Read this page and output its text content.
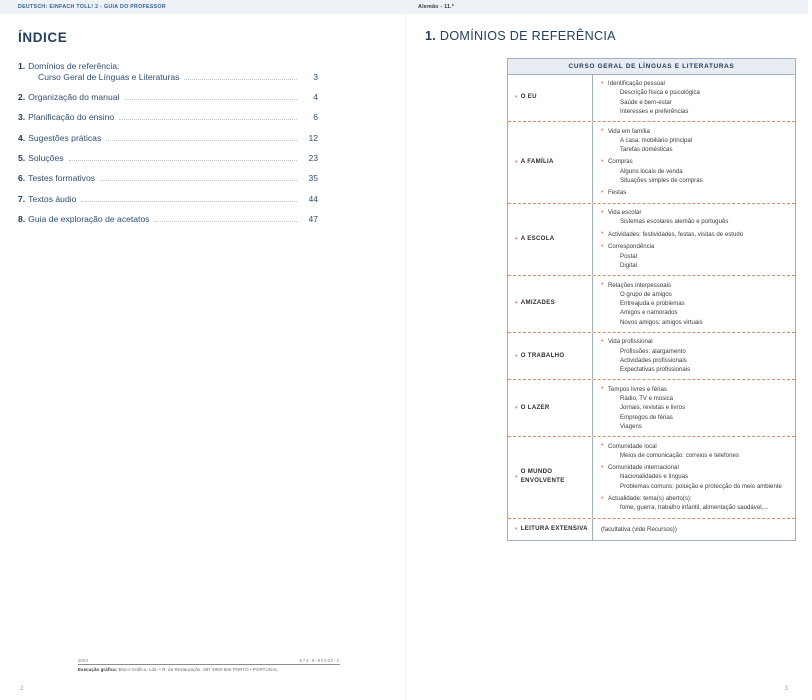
DEUTSCH: EINFACH TOLL! 2 - GUIA DO PROFESSOR	: :
ÍNDICE
1. Domínios de referência:
Curso Geral de Línguas e Literaturas	3
2. Organização do manual	4
3. Planificação do ensino	6
4. Sugestões práticas	12
5. Soluções	23
6. Testes formativos	35
7. Textos áudio	44
8. Guia de exploração de acetatos	47
2004	972-0-90602-2
Execução gráfica: Bloco Gráfico, Lda. • R. da Restauração, 387 4050-506 PORTO • PORTUGAL
2
Alemão - 11.º	: :
1. DOMÍNIOS DE REFERÊNCIA
CURSO GERAL DE LÍNGUAS E LITERATURAS
• O EU
• Identificação pessoal
Descrição física e psicológica
Saúde e bem-estar
Interesses e preferências
• A FAMÍLIA
• Vida em família
A casa: mobiliário principal
Tarefas domésticas
• Compras
Alguns locais de venda
Situações simples de compras
• Festas
• A ESCOLA
• Vida escolar
Sistemas escolares alemão e português
• Actividades: festividades, festas, visitas de estudo
• Correspondência
Postal
Digital
• AMIZADES
• Relações interpessoais
O grupo de amigos
Entreajuda e problemas
Amigos e namorados
Novos amigos: amigos virtuais
• O TRABALHO
• Vida profissional
Profissões: alargamento
Actividades profissionais
Expectativas profissionais
• O LAZER
• Tempos livres e férias
Rádio, TV e música
Jornais, revistas e livros
Empregos de férias
Viagens
•
O MUNDO ENVOLVENTE
• Comunidade local
Meios de comunicação: correios e telefones
• Comunidade internacional
Nacionalidades e línguas
Problemas comuns: poluição e protecção do meio ambiente
• Actualidade: tema(s) aberto(s):
fome, guerra, trabalho infantil, alimentação saudável,...
• LEITURA EXTENSIVA (facultativa (vide Recursos))
3
